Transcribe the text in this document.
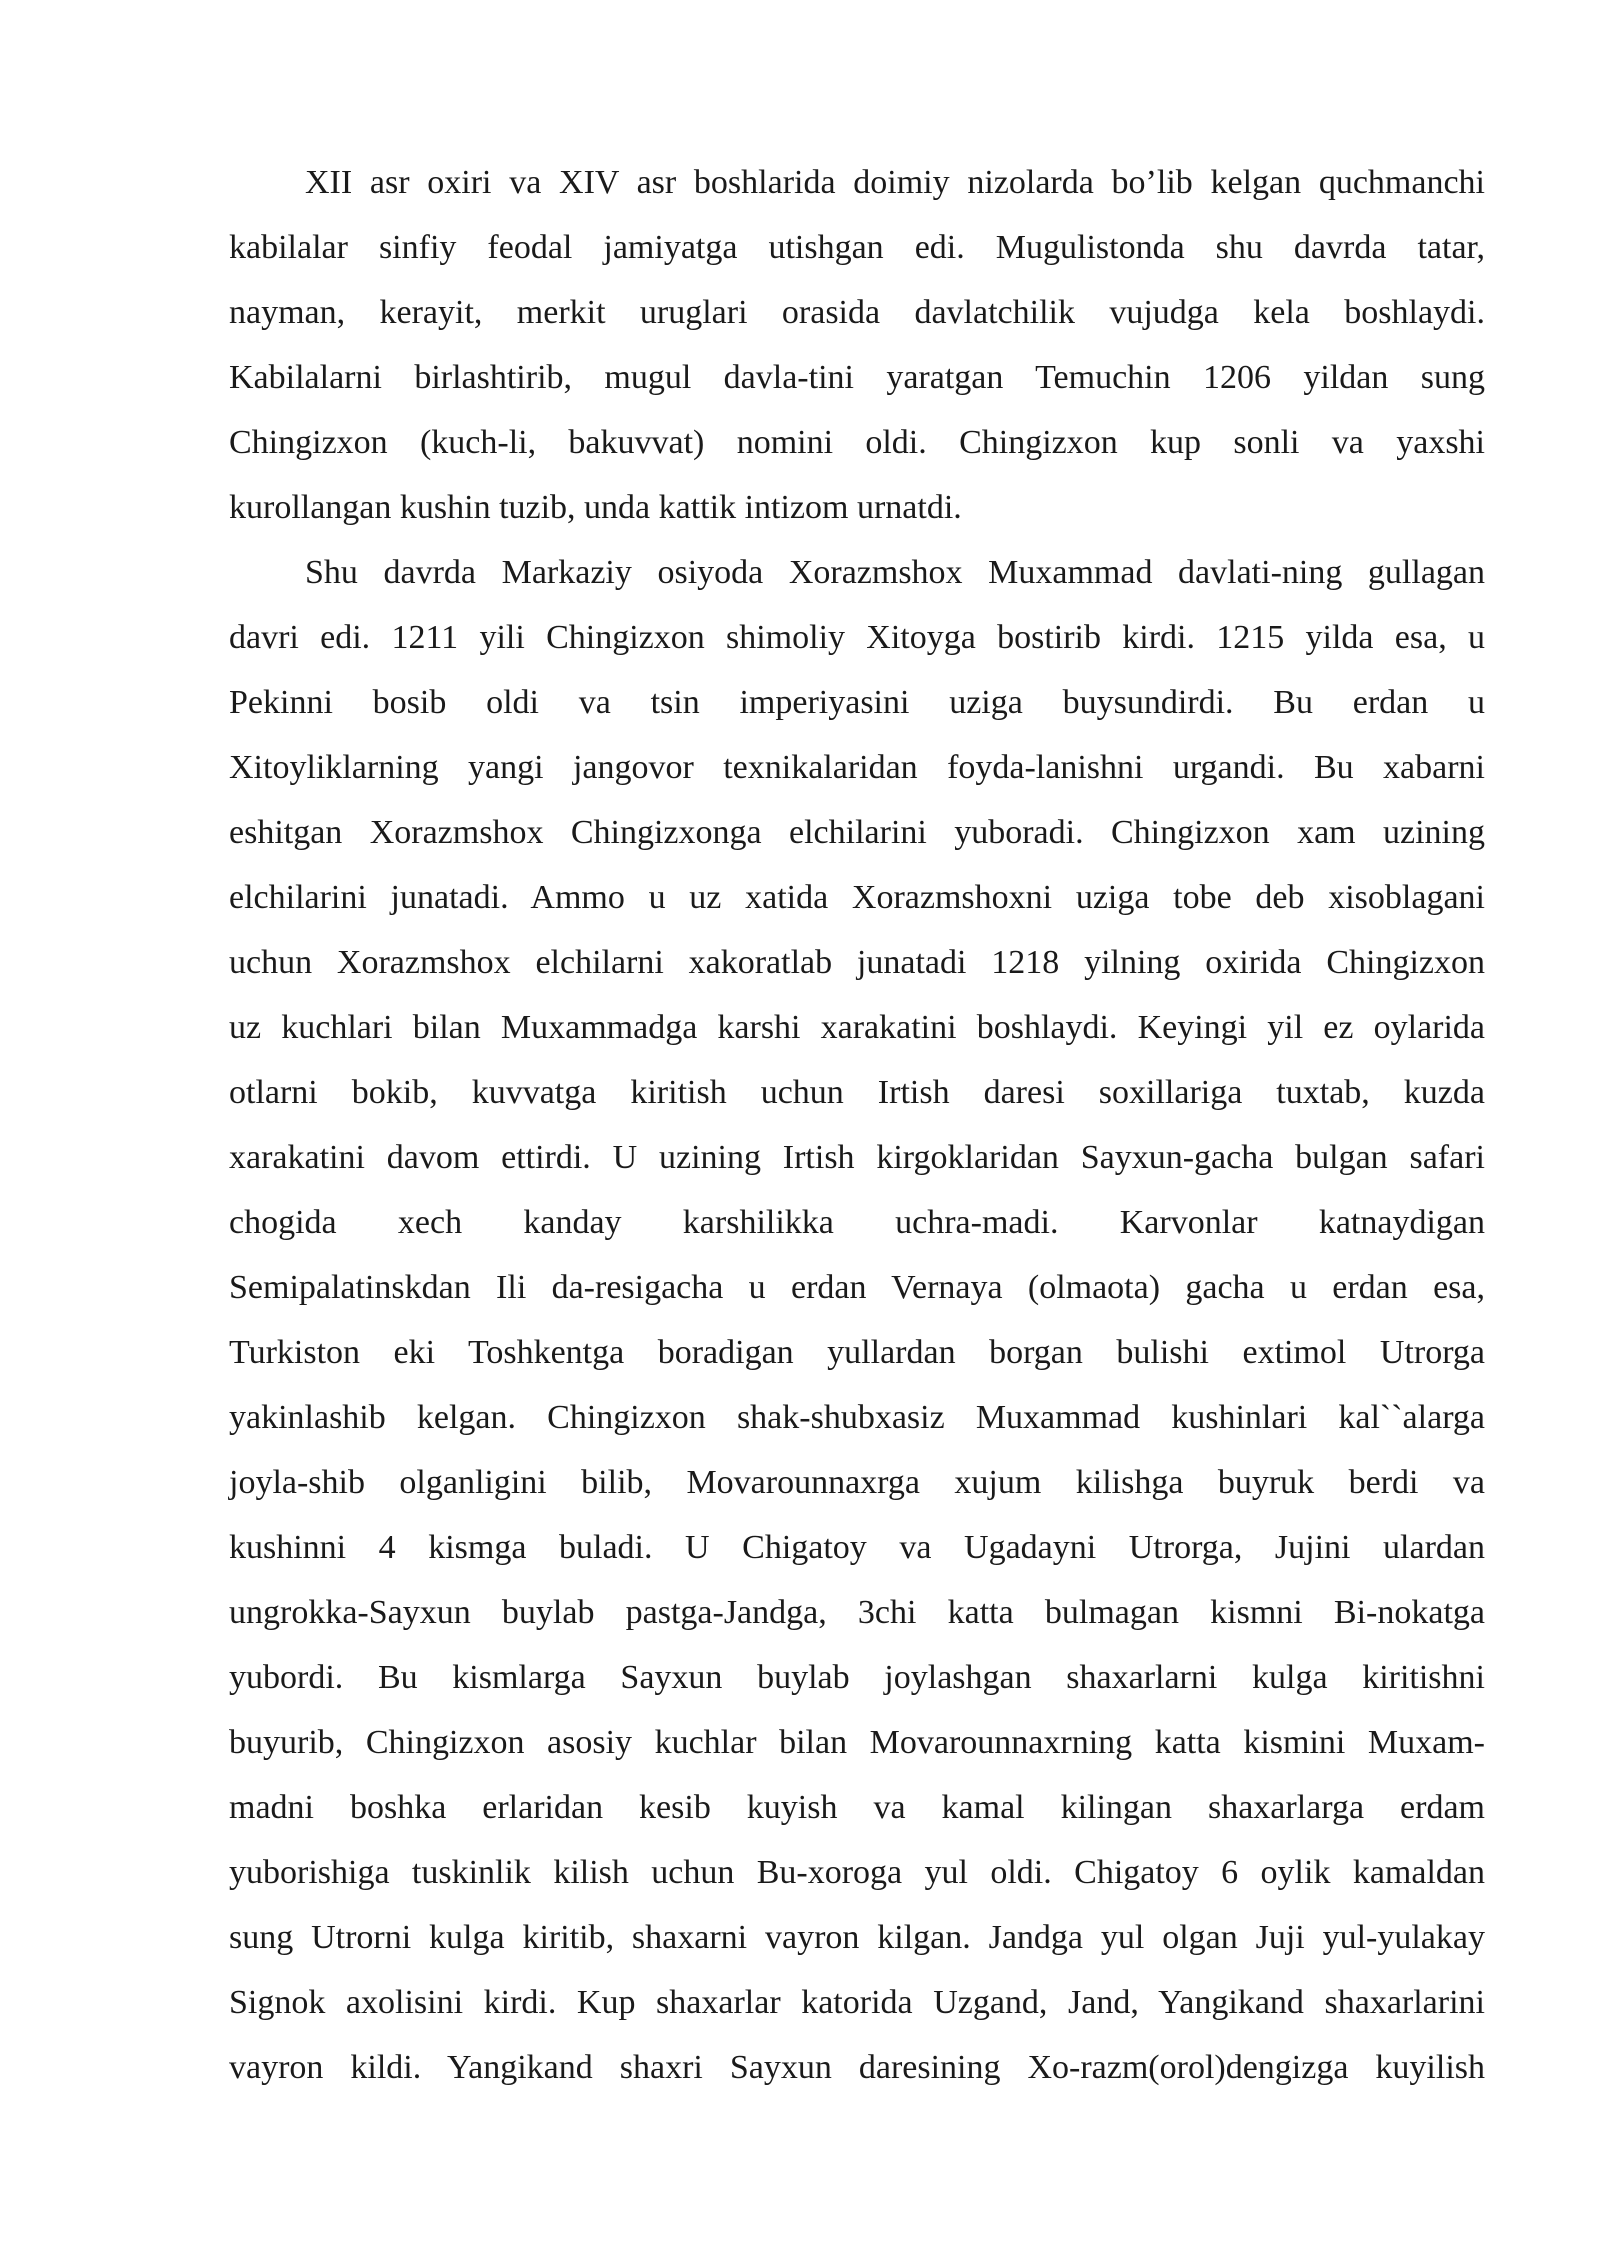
XII asr oxiri va XIV asr boshlarida doimiy nizolarda bo’lib kelgan quchmanchi
kabilalar sinfiy feodal jamiyatga utishgan edi. Mugulistonda shu davrda tatar,
nayman, kerayit, merkit uruglari orasida davlatchilik vujudga kela boshlaydi.
Kabilalarni birlashtirib, mugul davla-tini yaratgan Temuchin 1206 yildan sung
Chingizxon (kuch-li, bakuvvat) nomini oldi. Chingizxon kup sonli va yaxshi
kurollangan kushin tuzib, unda kattik intizom urnatdi.
Shu davrda Markaziy osiyoda Xorazmshox Muxammad davlati-ning gullagan
davri edi. 1211 yili Chingizxon shimoliy Xitoyga bostirib kirdi. 1215 yilda esa, u
Pekinni bosib oldi va tsin imperiyasini uziga buysundirdi. Bu erdan u
Xitoyliklarning yangi jangovor texnikalaridan foyda-lanishni urgandi. Bu xabarni
eshitgan Xorazmshox Chingizxonga elchilarini yuboradi. Chingizxon xam uzining
elchilarini junatadi. Ammo u uz xatida Xorazmshoxni uziga tobe deb xisoblagani
uchun Xorazmshox elchilarni xakoratlab junatadi 1218 yilning oxirida Chingizxon
uz kuchlari bilan Muxammadga karshi xarakatini boshlaydi. Keyingi yil ez oylarida
otlarni bokib, kuvvatga kiritish uchun Irtish daresi soxillariga tuxtab, kuzda
xarakatini davom ettirdi. U uzining Irtish kirgoklaridan Sayxun-gacha bulgan safari
chogida xech kanday karshilikka uchra-madi. Karvonlar katnaydigan
Semipalatinskdan Ili da-resigacha u erdan Vernaya (olmaota) gacha u erdan esa,
Turkiston eki Toshkentga boradigan yullardan borgan bulishi extimol Utrorga
yakinlashib kelgan. Chingizxon shak-shubxasiz Muxammad kushinlari kal``alarga
joyla-shib olganligini bilib, Movarounnaxrga xujum kilishga buyruk berdi va
kushinni 4 kismga buladi. U Chigatoy va Ugadayni Utrorga, Jujini ulardan
ungrokka-Sayxun buylab pastga-Jandga, 3chi katta bulmagan kismni Bi-nokatga
yubordi. Bu kismlarga Sayxun buylab joylashgan shaxarlarni kulga kiritishni
buyurib, Chingizxon asosiy kuchlar bilan Movarounnaxrning katta kismini Muxam-
madni boshka erlaridan kesib kuyish va kamal kilingan shaxarlarga erdam
yuborishiga tuskinlik kilish uchun Bu-xoroga yul oldi. Chigatoy 6 oylik kamaldan
sung Utrorni kulga kiritib, shaxarni vayron kilgan. Jandga yul olgan Juji yul-yulakay
Signok axolisini kirdi. Kup shaxarlar katorida Uzgand, Jand, Yangikand shaxarlarini
vayron kildi. Yangikand shaxri Sayxun daresining Xo-razm(orol)dengizga kuyilish
